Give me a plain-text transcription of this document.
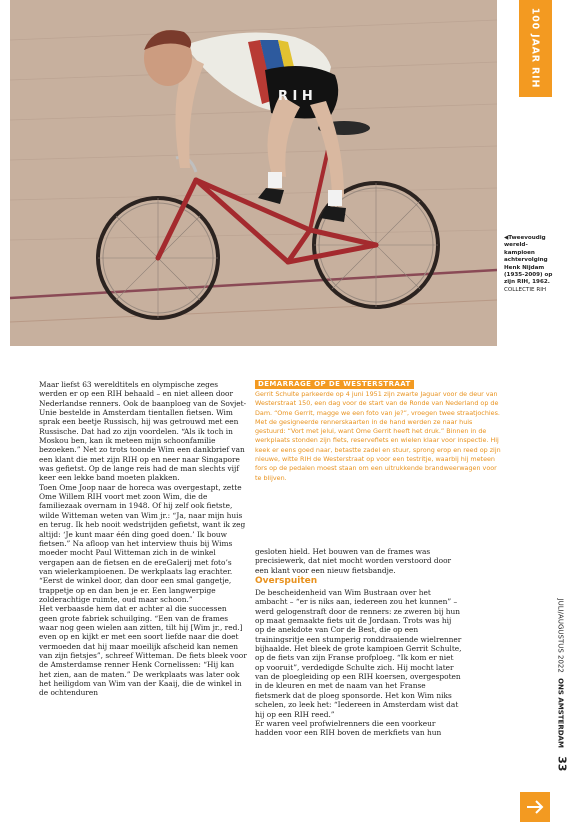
R I H
100 JAAR RIH
◀Tweevoudig wereldkampioen achtervolging Henk Nijdam (1935-2009) op zijn RIH, 1962. COLLECTIE RIH

Maar liefst 63 wereldtitels en olympische zeges werden er op een RIH behaald – en niet alleen door Nederlandse renners. Ook de baanploeg van de Sovjet-Unie bestelde in Amsterdam tientallen fietsen. Wim sprak een beetje Russisch, hij was getrouwd met een Russische. Dat had zo zijn voordelen. “Als ik toch in Moskou ben, kan ik meteen mijn schoonfamilie bezoeken.” Net zo trots toonde Wim een dankbrief van een klant die met zijn RIH op en neer naar Singapore was gefietst. Op de lange reis had de man slechts vijf keer een lekke band moeten plakken.

Toen Ome Joop naar de horeca was overgestapt, zette Ome Willem RIH voort met zoon Wim, die de familiezaak overnam in 1948. Of hij zelf ook fietste, wilde Witteman weten van Wim jr.: “Ja, naar mijn huis en terug. Ik heb nooit wedstrijden gefietst, want ik zeg altijd: ‘Je kunt maar één ding goed doen.’ Ik bouw fietsen.” Na afloop van het interview thuis bij Wims moeder mocht Paul Witteman zich in de winkel vergapen aan de fietsen en de ereGalerij met foto’s van wielerkampioenen. De werkplaats lag erachter. “Eerst de winkel door, dan door een smal gangetje, trappetje op en dan ben je er. Een langwerpige zolderachtige ruimte, oud maar schoon.”

Het verbaasde hem dat er achter al die successen geen grote fabriek schuilging. “Een van de frames waar nog geen wielen aan zitten, tilt hij [Wim jr., red.] even op en kijkt er met een soort liefde naar die doet vermoeden dat hij maar moeilijk afscheid kan nemen van zijn fietsjes”, schreef Witteman. De fiets bleek voor de Amsterdamse renner Henk Cornelissen: “Hij kan het zien, aan de maten.” De werkplaats was later ook het heiligdom van Wim van der Kaaij, die de winkel in de ochtenduren

DEMARRAGE OP DE WESTERSTRAAT

Gerrit Schulte parkeerde op 4 juni 1951 zijn zwarte Jaguar voor de deur van Westerstraat 150, een dag voor de start van de Ronde van Nederland op de Dam. “Ome Gerrit, magge we een foto van je?”, vroegen twee straatjochies. Met de gesigneerde rennerskaarten in de hand werden ze naar huis gestuurd: “Vort met jelui, want Ome Gerrit heeft het druk.” Binnen in de werkplaats stonden zijn fiets, reservefiets en wielen klaar voor inspectie. Hij keek er eens goed naar, betastte zadel en stuur, sprong erop en reed op zijn nieuwe, witte RIH de Westerstraat op voor een testritje, waarbij hij meteen fors op de pedalen moest staan om een uitrukkende brandweerwagen voor te blijven.

gesloten hield. Het bouwen van de frames was precisiewerk, dat niet mocht worden verstoord door een klant voor een nieuw fietsbandje.

Overspuiten

De bescheidenheid van Wim Bustraan over het ambacht – “er is niks aan, iedereen zou het kunnen” – werd gelogenstraft door de renners: ze zweren bij hun op maat gemaakte fiets uit de Jordaan. Trots was hij op de anekdote van Cor de Best, die op een trainingsritje een stumperig ronddraaiende wielrenner bijhaalde. Het bleek de grote kampioen Gerrit Schulte, op de fiets van zijn Franse profploeg. “Ik kom er niet op vooruit”, verdedigde Schulte zich. Hij mocht later van de ploegleiding op een RIH koersen, overgespoten in de kleuren en met de naam van het Franse fietsmerk dat de ploeg sponsorde. Het kon Wim niks schelen, zo leek het: “Iedereen in Amsterdam wist dat hij op een RIH reed.”

Er waren veel profwielrenners die een voorkeur hadden voor een RIH boven de merkfiets van hun

JULI/AUGUSTUS 2022 ONS AMSTERDAM 33
